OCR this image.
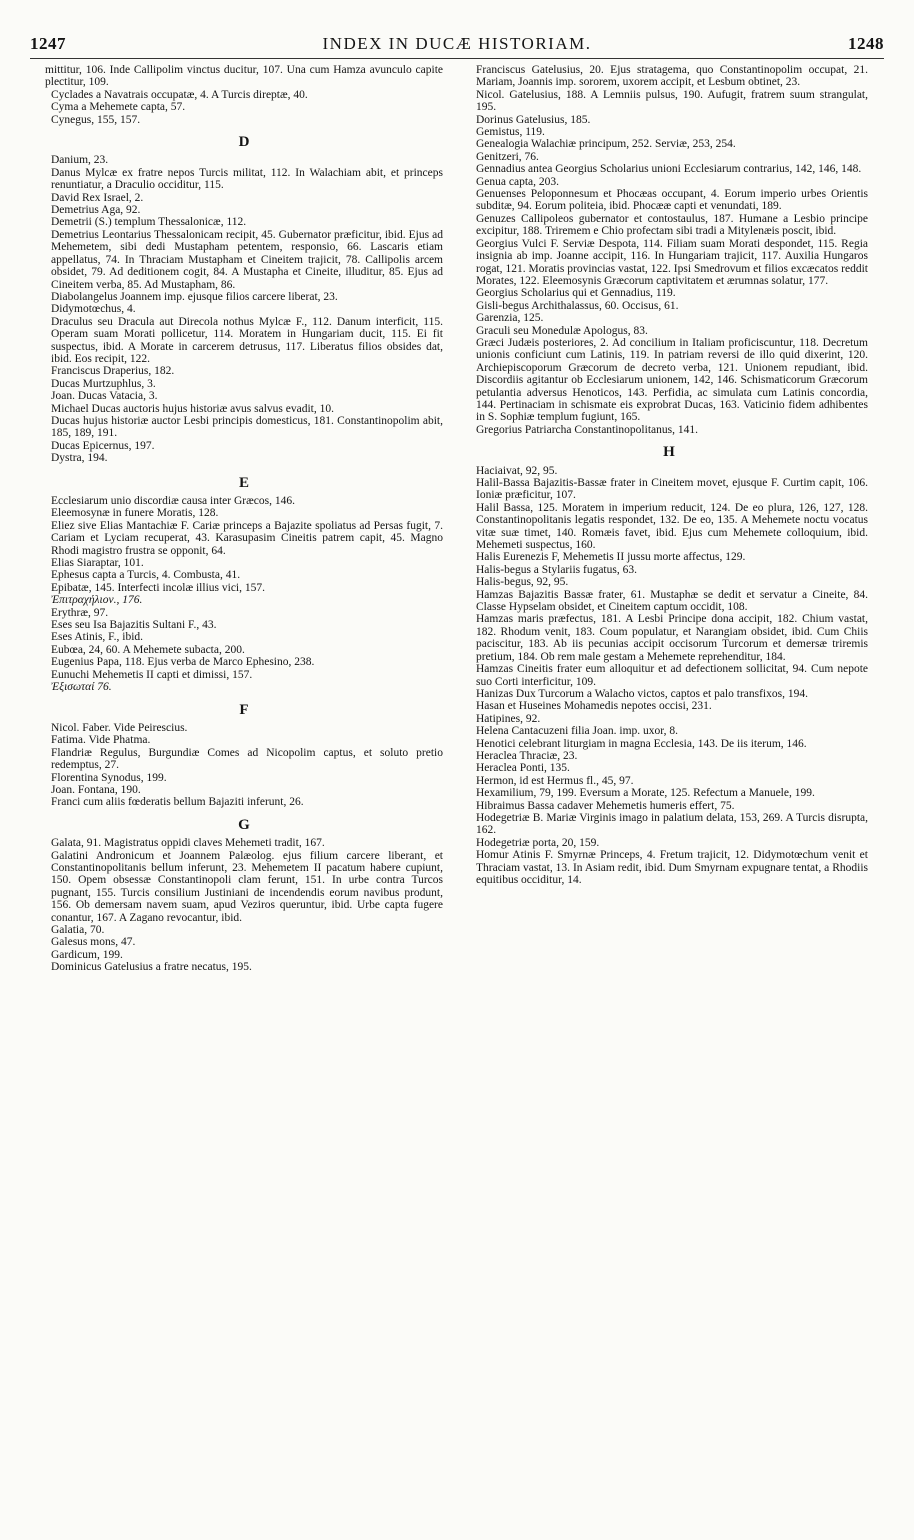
1247	INDEX IN DUCÆ HISTORIAM.	1248

mittitur, 106. Inde Callipolim vinctus ducitur, 107. Una cum Hamza avunculo capite plectitur, 109.

Cyclades a Navatrais occupatæ, 4. A Turcis direptæ, 40.

Cyma a Mehemete capta, 57.

Cynegus, 155, 157.

D

Danium, 23.

Danus Mylcæ ex fratre nepos Turcis militat, 112. In Walachiam abit, et princeps renuntiatur, a Draculio occiditur, 115.

David Rex Israel, 2.

Demetrius Aga, 92.

Demetrii (S.) templum Thessalonicæ, 112.

Demetrius Leontarius Thessalonicam recipit, 45. Gubernator præficitur, ibid. Ejus ad Mehemetem, sibi dedi Mustapham petentem, responsio, 66. Lascaris etiam appellatus, 74. In Thraciam Mustapham et Cineitem trajicit, 78. Callipolis arcem obsidet, 79. Ad deditionem cogit, 84. A Mustapha et Cineite, illuditur, 85. Ejus ad Cineitem verba, 85. Ad Mustapham, 86.

Diabolangelus Joannem imp. ejusque filios carcere liberat, 23.

Didymotœchus, 4.

Draculus seu Dracula aut Direcola nothus Mylcæ F., 112. Danum interficit, 115. Operam suam Morati pollicetur, 114. Moratem in Hungariam ducit, 115. Ei fit suspectus, ibid. A Morate in carcerem detrusus, 117. Liberatus filios obsides dat, ibid. Eos recipit, 122.

Franciscus Draperius, 182.

Ducas Murtzuphlus, 3.

Joan. Ducas Vatacia, 3.

Michael Ducas auctoris hujus historiæ avus salvus evadit, 10.

Ducas hujus historiæ auctor Lesbi principis domesticus, 181. Constantinopolim abit, 185, 189, 191.

Ducas Epicernus, 197.

Dystra, 194.

E

Ecclesiarum unio discordiæ causa inter Græcos, 146.

Eleemosynæ in funere Moratis, 128.

Eliez sive Elias Mantachiæ F. Cariæ princeps a Bajazite spoliatus ad Persas fugit, 7. Cariam et Lyciam recuperat, 43. Karasupasim Cineitis patrem capit, 45. Magno Rhodi magistro frustra se opponit, 64.

Elias Siaraptar, 101.

Ephesus capta a Turcis, 4. Combusta, 41.

Epibatæ, 145. Interfecti incolæ illius vici, 157.

Ἐπιτραχήλιον., 176.

Erythræ, 97.

Eses seu Isa Bajazitis Sultani F., 43.

Eses Atinis, F., ibid.

Eubœa, 24, 60. A Mehemete subacta, 200.

Eugenius Papa, 118. Ejus verba de Marco Ephesino, 238.

Eunuchi Mehemetis II capti et dimissi, 157.

Ἐξισωταί 76.

F

Nicol. Faber. Vide Peirescius.

Fatima. Vide Phatma.

Flandriæ Regulus, Burgundiæ Comes ad Nicopolim captus, et soluto pretio redemptus, 27.

Florentina Synodus, 199.

Joan. Fontana, 190.

Franci cum aliis fœderatis bellum Bajaziti inferunt, 26.

G

Galata, 91. Magistratus oppidi claves Mehemeti tradit, 167.

Galatini Andronicum et Joannem Palæolog. ejus filium carcere liberant, et Constantinopolitanis bellum inferunt, 23. Mehemetem II pacatum habere cupiunt, 150. Opem obsessæ Constantinopoli clam ferunt, 151. In urbe contra Turcos pugnant, 155. Turcis consilium Justiniani de incendendis eorum navibus produnt, 156. Ob demersam navem suam, apud Veziros queruntur, ibid. Urbe capta fugere conantur, 167. A Zagano revocantur, ibid.

Galatia, 70.

Galesus mons, 47.

Gardicum, 199.

Dominicus Gatelusius a fratre necatus, 195.

Franciscus Gatelusius, 20. Ejus stratagema, quo Constantinopolim occupat, 21. Mariam, Joannis imp. sororem, uxorem accipit, et Lesbum obtinet, 23.

Nicol. Gatelusius, 188. A Lemniis pulsus, 190. Aufugit, fratrem suum strangulat, 195.

Dorinus Gatelusius, 185.

Gemistus, 119.

Genealogia Walachiæ principum, 252. Serviæ, 253, 254.

Genitzeri, 76.

Gennadius antea Georgius Scholarius unioni Ecclesiarum contrarius, 142, 146, 148.

Genua capta, 203.

Genuenses Peloponnesum et Phocæas occupant, 4. Eorum imperio urbes Orientis subditæ, 94. Eorum politeia, ibid. Phocææ capti et venundati, 189.

Genuzes Callipoleos gubernator et contostaulus, 187. Humane a Lesbio principe excipitur, 188. Triremem e Chio profectam sibi tradi a Mitylenæis poscit, ibid.

Georgius Vulci F. Serviæ Despota, 114. Filiam suam Morati despondet, 115. Regia insignia ab imp. Joanne accipit, 116. In Hungariam trajicit, 117. Auxilia Hungaros rogat, 121. Moratis provincias vastat, 122. Ipsi Smedrovum et filios excæcatos reddit Morates, 122. Eleemosynis Græcorum captivitatem et ærumnas solatur, 177.

Georgius Scholarius qui et Gennadius, 119.

Gisli-begus Archithalassus, 60. Occisus, 61.

Garenzia, 125.

Graculi seu Monedulæ Apologus, 83.

Græci Judæis posteriores, 2. Ad concilium in Italiam proficiscuntur, 118. Decretum unionis conficiunt cum Latinis, 119. In patriam reversi de illo quid dixerint, 120. Archiepiscoporum Græcorum de decreto verba, 121. Unionem repudiant, ibid. Discordiis agitantur ob Ecclesiarum unionem, 142, 146. Schismaticorum Græcorum petulantia adversus Henoticos, 143. Perfidia, ac simulata cum Latinis concordia, 144. Pertinaciam in schismate eis exprobrat Ducas, 163. Vaticinio fidem adhibentes in S. Sophiæ templum fugiunt, 165.

Gregorius Patriarcha Constantinopolitanus, 141.

H

Haciaivat, 92, 95.

Halil-Bassa Bajazitis-Bassæ frater in Cineitem movet, ejusque F. Curtim capit, 106. Ioniæ præficitur, 107.

Halil Bassa, 125. Moratem in imperium reducit, 124. De eo plura, 126, 127, 128. Constantinopolitanis legatis respondet, 132. De eo, 135. A Mehemete noctu vocatus vitæ suæ timet, 140. Romæis favet, ibid. Ejus cum Mehemete colloquium, ibid. Mehemeti suspectus, 160.

Halis Eurenezis F, Mehemetis II jussu morte affectus, 129.

Halis-begus a Stylariis fugatus, 63.

Halis-begus, 92, 95.

Hamzas Bajazitis Bassæ frater, 61. Mustaphæ se dedit et servatur a Cineite, 84. Classe Hypselam obsidet, et Cineitem captum occidit, 108.

Hamzas maris præfectus, 181. A Lesbi Principe dona accipit, 182. Chium vastat, 182. Rhodum venit, 183. Coum populatur, et Narangiam obsidet, ibid. Cum Chiis paciscitur, 183. Ab iis pecunias accipit occisorum Turcorum et demersæ triremis pretium, 184. Ob rem male gestam a Mehemete reprehenditur, 184.

Hamzas Cineitis frater eum alloquitur et ad defectionem sollicitat, 94. Cum nepote suo Corti interficitur, 109.

Hanizas Dux Turcorum a Walacho victos, captos et palo transfixos, 194.

Hasan et Huseines Mohamedis nepotes occisi, 231.

Hatipines, 92.

Helena Cantacuzeni filia Joan. imp. uxor, 8.

Henotici celebrant liturgiam in magna Ecclesia, 143. De iis iterum, 146.

Heraclea Thraciæ, 23.

Heraclea Ponti, 135.

Hermon, id est Hermus fl., 45, 97.

Hexamilium, 79, 199. Eversum a Morate, 125. Refectum a Manuele, 199.

Hibraimus Bassa cadaver Mehemetis humeris effert, 75.

Hodegetriæ B. Mariæ Virginis imago in palatium delata, 153, 269. A Turcis disrupta, 162.

Hodegetriæ porta, 20, 159.

Homur Atinis F. Smyrnæ Princeps, 4. Fretum trajicit, 12. Didymotœchum venit et Thraciam vastat, 13. In Asiam redit, ibid. Dum Smyrnam expugnare tentat, a Rhodiis equitibus occiditur, 14.
